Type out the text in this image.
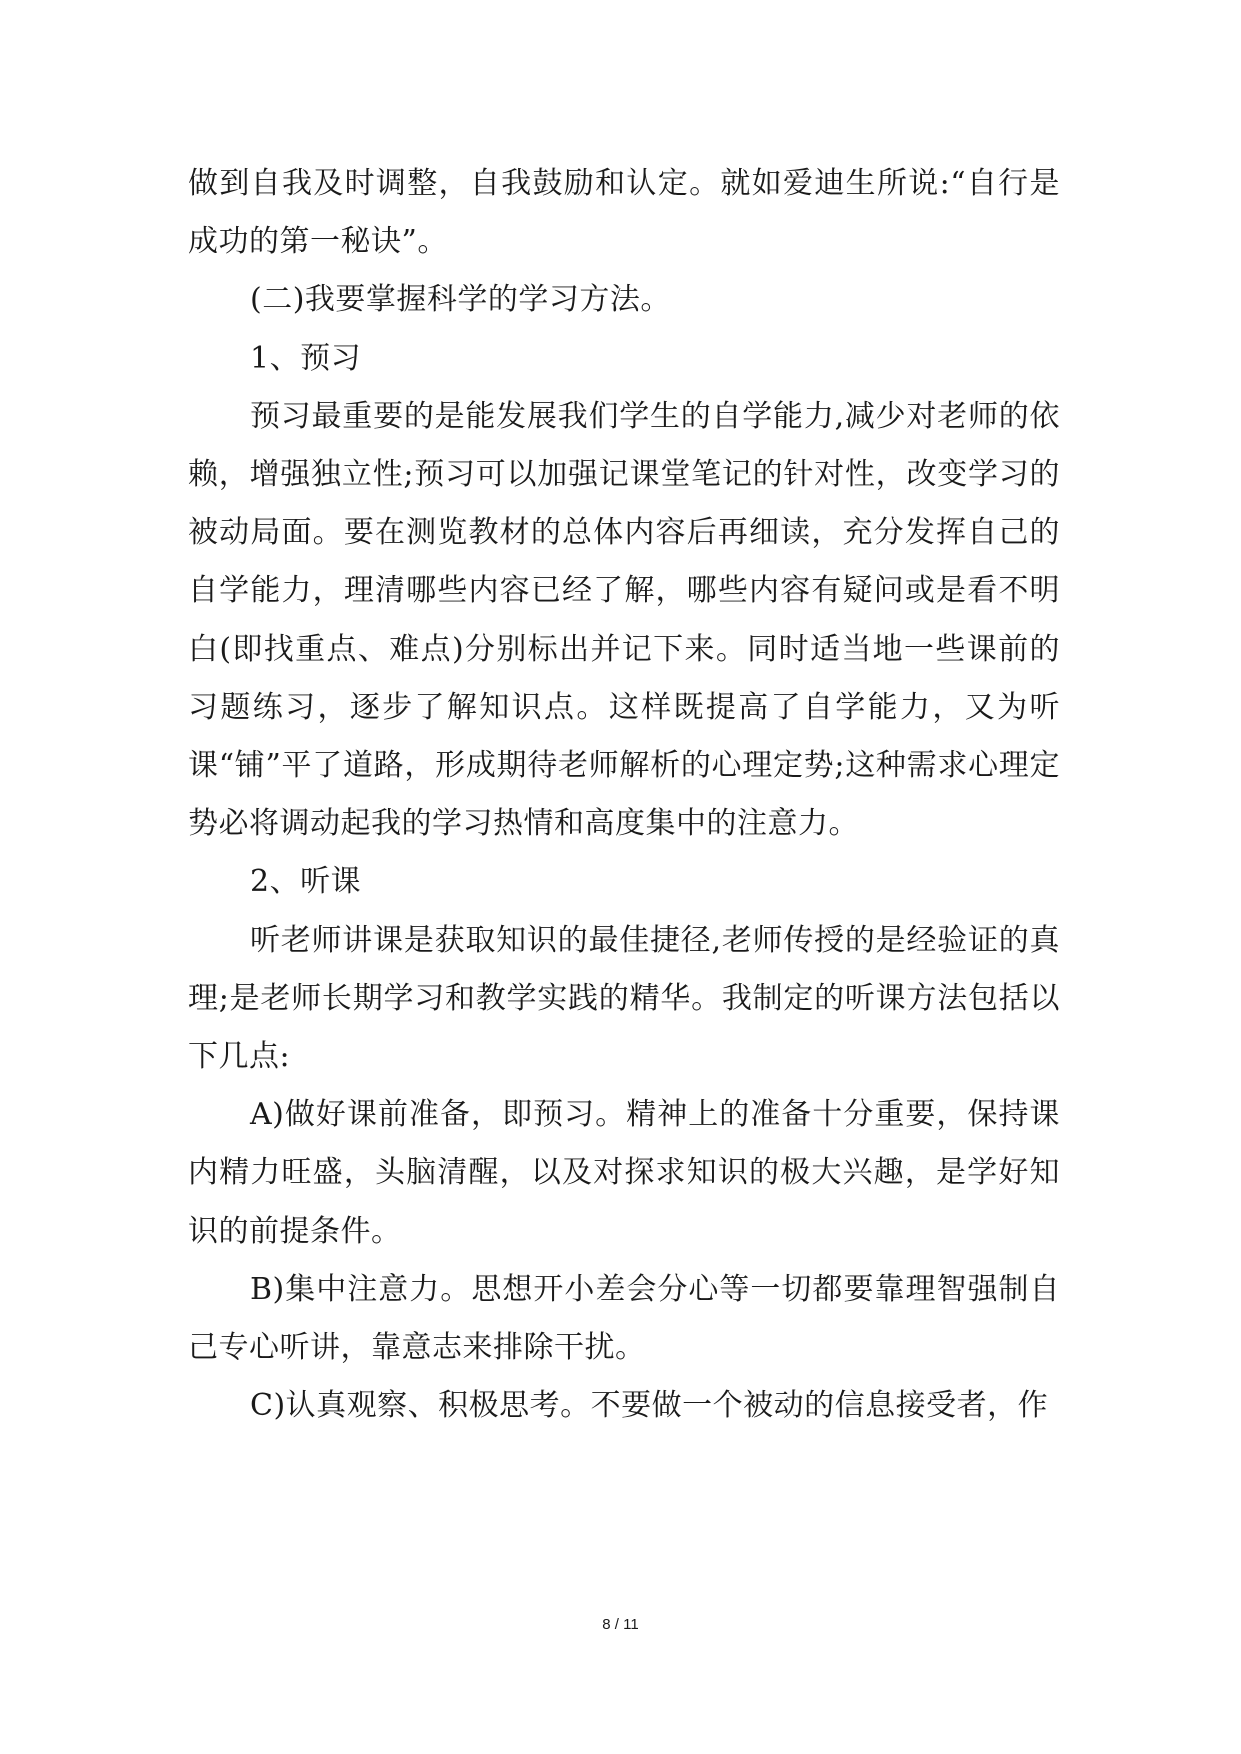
做到自我及时调整，自我鼓励和认定。就如爱迪生所说:“自行是成功的第一秘诀”。

(二)我要掌握科学的学习方法。

1、预习

预习最重要的是能发展我们学生的自学能力,减少对老师的依赖，增强独立性;预习可以加强记课堂笔记的针对性，改变学习的被动局面。要在测览教材的总体内容后再细读，充分发挥自己的自学能力，理清哪些内容已经了解，哪些内容有疑问或是看不明白(即找重点、难点)分别标出并记下来。同时适当地一些课前的习题练习，逐步了解知识点。这样既提高了自学能力，又为听课“铺”平了道路，形成期待老师解析的心理定势;这种需求心理定势必将调动起我的学习热情和高度集中的注意力。

2、听课

听老师讲课是获取知识的最佳捷径,老师传授的是经验证的真理;是老师长期学习和教学实践的精华。我制定的听课方法包括以下几点:

A)做好课前准备，即预习。精神上的准备十分重要，保持课内精力旺盛，头脑清醒，以及对探求知识的极大兴趣，是学好知识的前提条件。

B)集中注意力。思想开小差会分心等一切都要靠理智强制自己专心听讲，靠意志来排除干扰。

C)认真观察、积极思考。不要做一个被动的信息接受者，作

8 / 11
